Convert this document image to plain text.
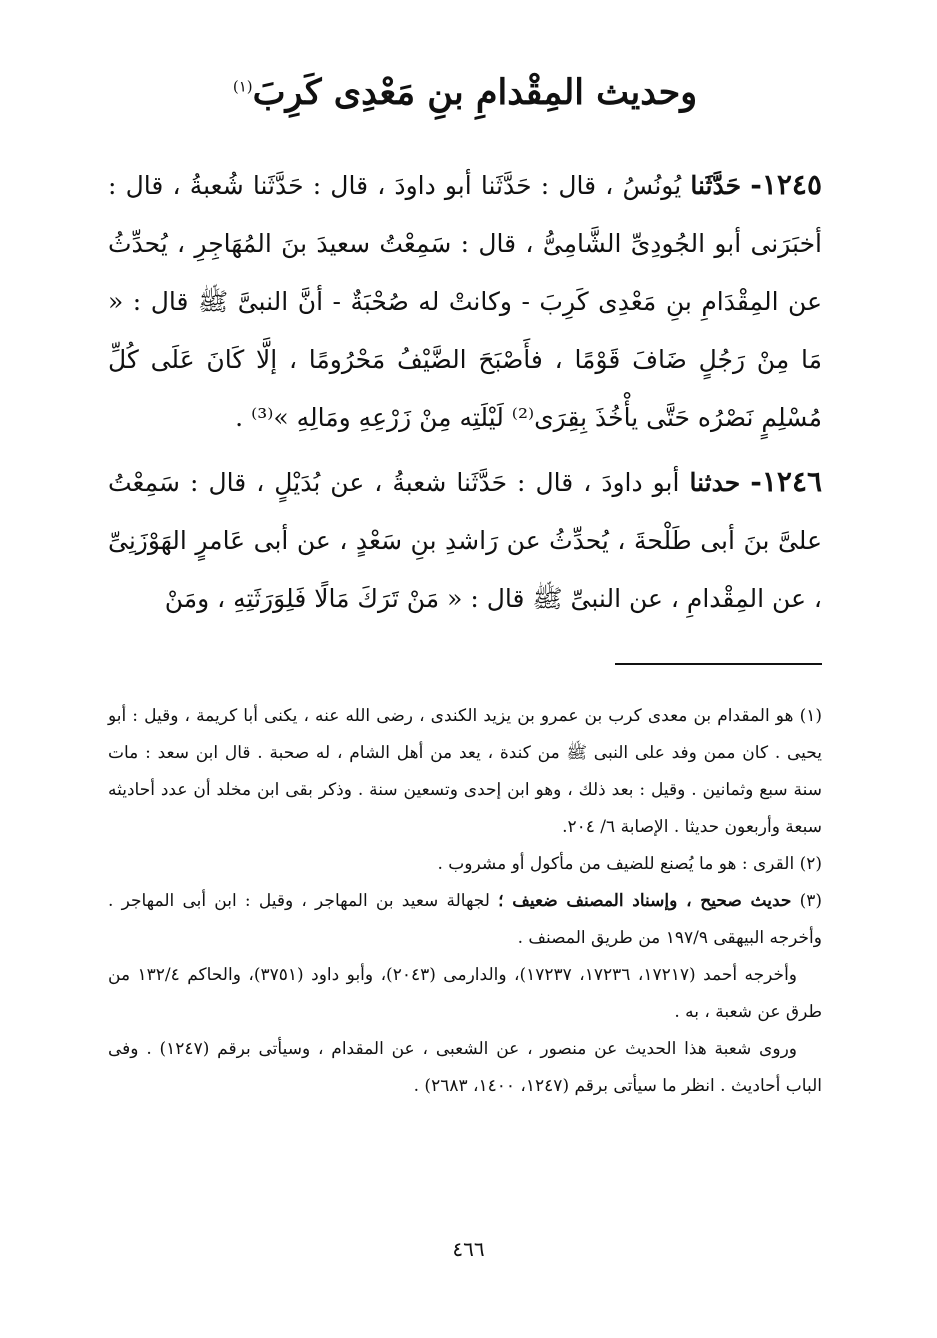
وحديث المِقْدامِ بنِ مَعْدِى كَرِبَ$^{(١)}$

١٢٤٥- حَدَّثَنا يُونُسُ ، قال : حَدَّثَنا أبو داودَ ، قال : حَدَّثَنا شُعبةُ ، قال : أخبَرَنى أبو الجُودِىِّ الشَّامِىُّ ، قال : سَمِعْتُ سعيدَ بنَ المُهَاجِرِ ، يُحدِّثُ عن المِقْدَامِ بنِ مَعْدِى كَرِبَ - وكانتْ له صُحْبَةٌ - أنَّ النبىَّ ﷺ قال : « مَا مِنْ رَجُلٍ ضَافَ قَوْمًا ، فأَصْبَحَ الضَّيْفُ مَحْرُومًا ، إلَّا كَانَ عَلَى كُلِّ مُسْلِمٍ نَصْرُه حَتَّى يأْخُذَ بِقِرَى⁽²⁾ لَيْلَتِه مِنْ زَرْعِهِ ومَالِهِ »⁽³⁾ .

١٢٤٦- حدثنا أبو داودَ ، قال : حَدَّثَنا شعبةُ ، عن بُدَيْلٍ ، قال : سَمِعْتُ علىَّ بنَ أبى طَلْحةَ ، يُحدِّثُ عن رَاشدِ بنِ سَعْدٍ ، عن أبى عَامرٍ الهَوْزَنِىِّ ، عن المِقْدامِ ، عن النبىِّ ﷺ قال : « مَنْ تَرَكَ مَالًا فَلِوَرَثَتِهِ ، ومَنْ

(١) هو المقدام بن معدى كرب بن عمرو بن يزيد الكندى ، رضى الله عنه ، يكنى أبا كريمة ، وقيل : أبو يحيى . كان ممن وفد على النبى ﷺ من كندة ، يعد من أهل الشام ، له صحبة . قال ابن سعد : مات سنة سبع وثمانين . وقيل : بعد ذلك ، وهو ابن إحدى وتسعين سنة . وذكر بقى ابن مخلد أن عدد أحاديثه سبعة وأربعون حديثا . الإصابة ٦/ ٢٠٤.

(٢) القرى : هو ما يُصنع للضيف من مأكول أو مشروب .

(٣) حديث صحيح ، وإسناد المصنف ضعيف ؛ لجهالة سعيد بن المهاجر ، وقيل : ابن أبى المهاجر . وأخرجه البيهقى ١٩٧/٩ من طريق المصنف .

وأخرجه أحمد (١٧٢١٧، ١٧٢٣٦، ١٧٢٣٧)، والدارمى (٢٠٤٣)، وأبو داود (٣٧٥١)، والحاكم ١٣٢/٤ من طرق عن شعبة ، به .

وروى شعبة هذا الحديث عن منصور ، عن الشعبى ، عن المقدام ، وسيأتى برقم (١٢٤٧) . وفى الباب أحاديث . انظر ما سيأتى برقم (١٢٤٧، ١٤٠٠، ٢٦٨٣) .

٤٦٦
